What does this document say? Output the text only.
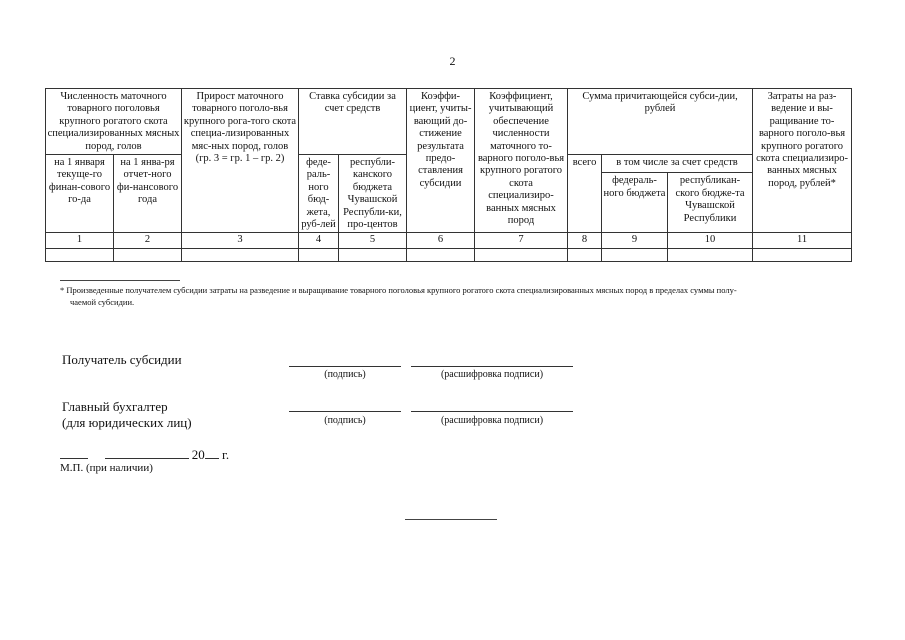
2
Численность маточного товарного поголовья крупного рогатого скота специализированных мясных пород, голов		Прирост маточного товарного поголо-вья крупного рога-того скота специа-лизированных мяс-ных пород, голов (гр. 3 = гр. 1 – гр. 2)	Ставка субсидии за счет средств		Коэффи-циент, учиты-вающий до-стижение результата предо-ставления субсидии	Коэффициент, учитывающий обеспечение численности маточного то-варного поголо-вья крупного рогатого скота специализиро-ванных мясных пород	Сумма причитающейся субси-дии, рублей			Затраты на раз-ведение и вы-ращивание то-варного поголо-вья крупного рогатого скота специализиро-ванных мясных пород, рублей*
на 1 января текуще-го финан-сового го-да	на 1 янва-ря отчет-ного фи-нансового года		феде-раль-ного бюд-жета, руб-лей	республи-канского бюджета Чувашской Республи-ки, про-центов			всего	в том числе за счет средств		
								федераль-ного бюджета	республикан-ского бюдже-та Чувашской Республики	
1	2	3	4	5	6	7	8	9	10	11

* Произведенные получателем субсидии затраты на разведение и выращивание товарного поголовья крупного рогатого скота специализированных мясных пород в пределах суммы полу-
чаемой субсидии.
Получатель субсидии
(подпись)	(расшифровка подписи)
Главный бухгалтер
(для юридических лиц)	(подпись)	(расшифровка подписи)
20 г.
М.П. (при наличии)
